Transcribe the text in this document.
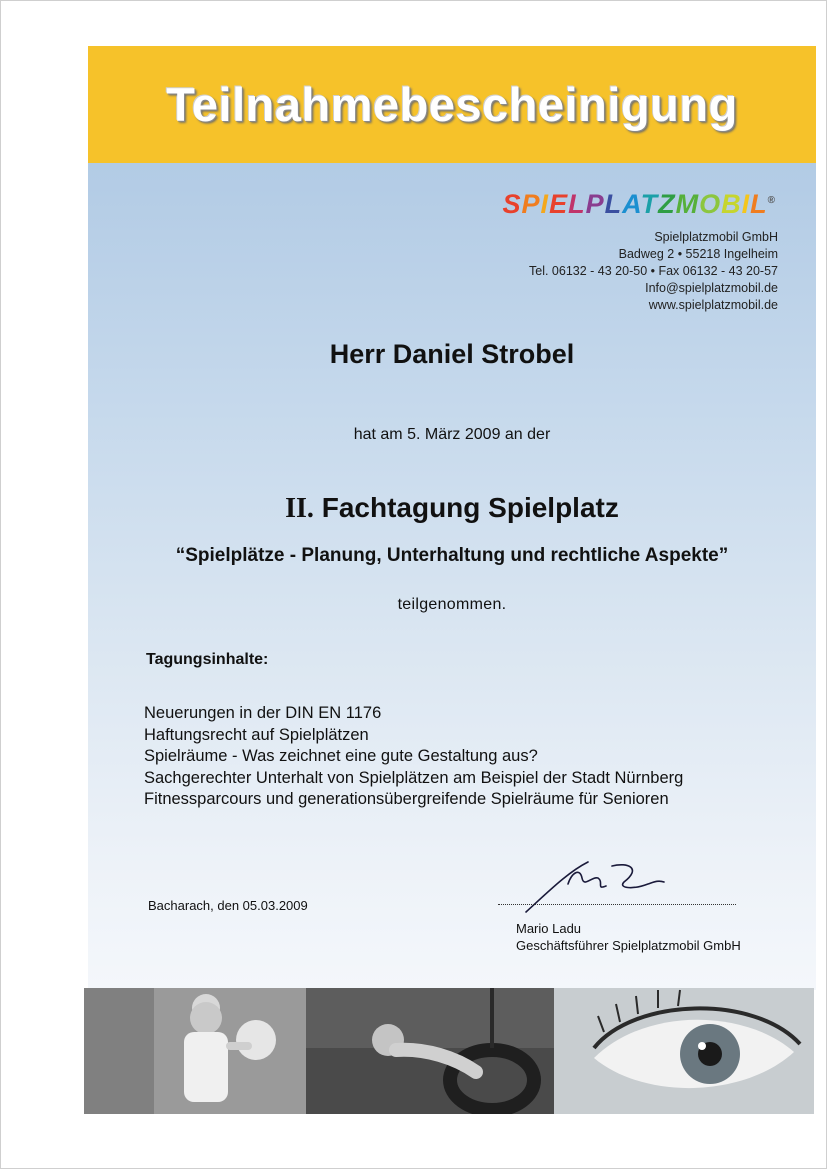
Teilnahmebescheinigung
SPIELPLATZMOBIL®
Spielplatzmobil GmbH
Badweg 2 • 55218 Ingelheim
Tel. 06132 - 43 20-50 • Fax 06132 - 43 20-57
Info@spielplatzmobil.de
www.spielplatzmobil.de
Herr Daniel Strobel
hat am 5. März 2009 an der
II. Fachtagung Spielplatz
“Spielplätze - Planung, Unterhaltung und rechtliche Aspekte”
teilgenommen.
Tagungsinhalte:
Neuerungen in der DIN EN 1176
Haftungsrecht auf Spielplätzen
Spielräume - Was zeichnet eine gute Gestaltung aus?
Sachgerechter Unterhalt von Spielplätzen am Beispiel der Stadt Nürnberg
Fitnessparcours und generationsübergreifende Spielräume für Senioren
Bacharach, den 05.03.2009
Mario Ladu
Geschäftsführer Spielplatzmobil GmbH
